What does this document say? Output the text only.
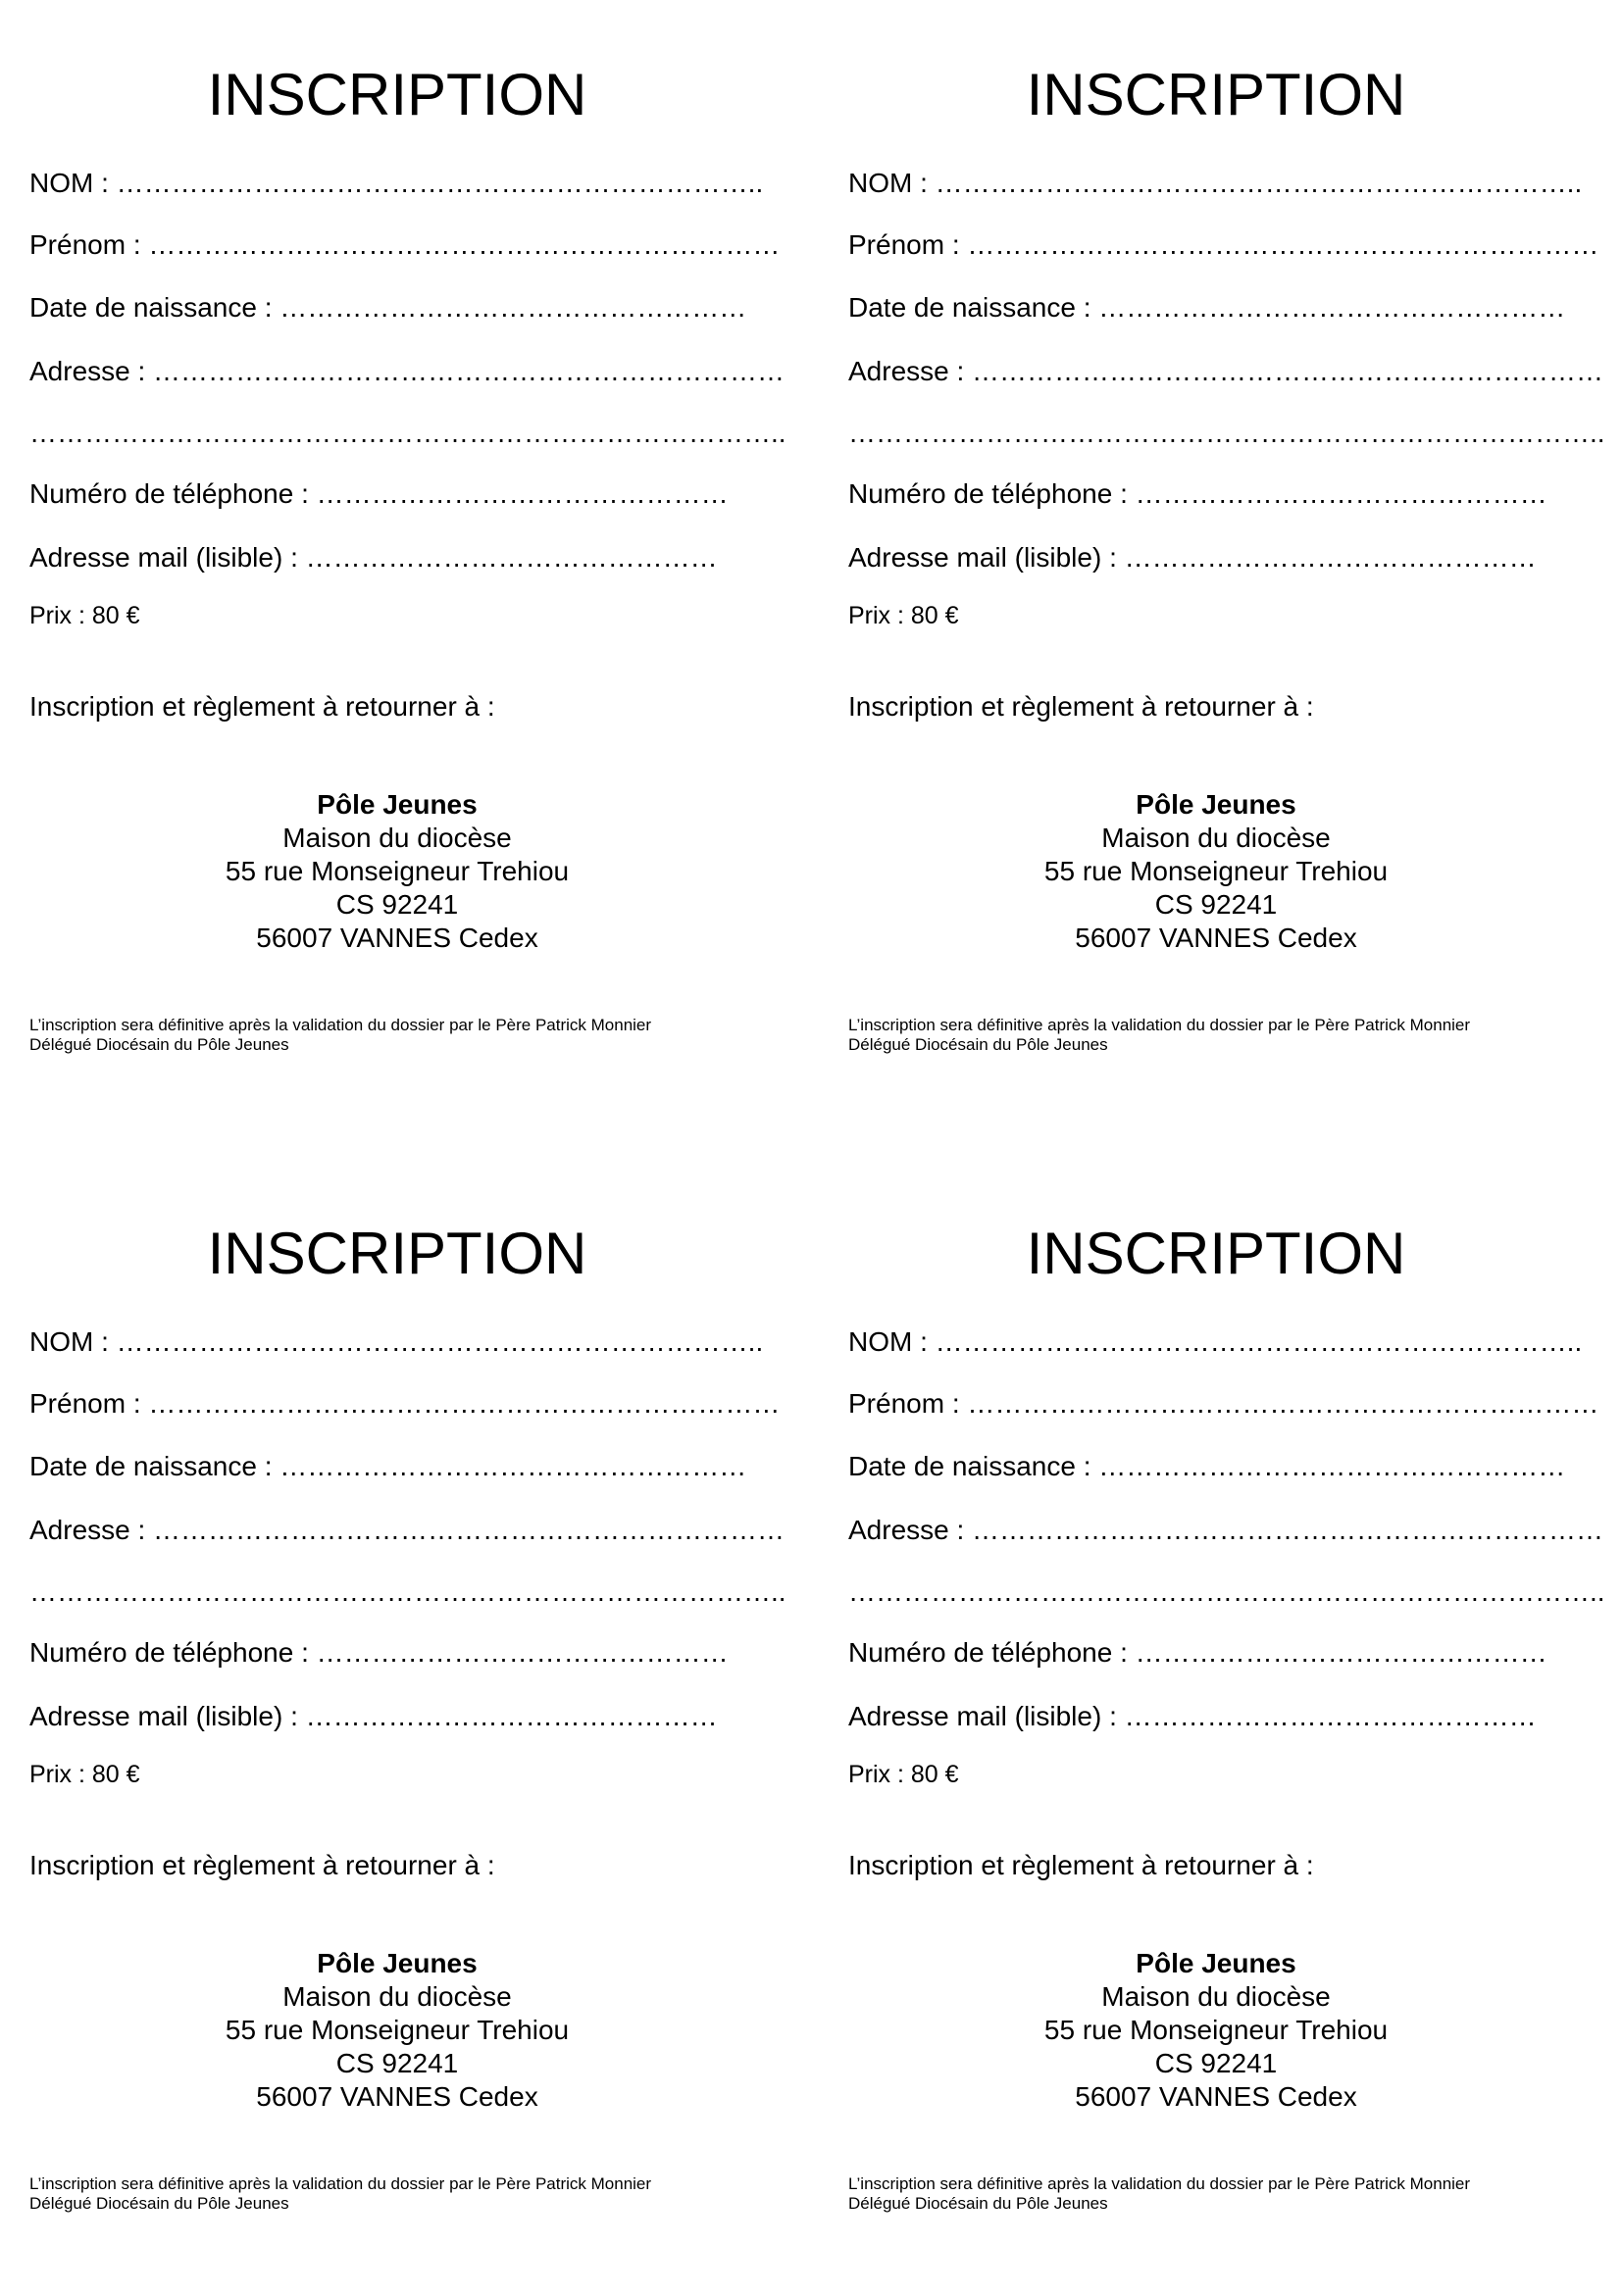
INSCRIPTION
NOM : ……………………………………………………………..
Prénom : ……………………………………………………………
Date de naissance : ……………………………………………
Adresse : ……………………………………………………………
………………………………………………………………………..
Numéro de téléphone : ………………………………………
Adresse mail (lisible) : ………………………………………
Prix : 80 €
Inscription et règlement à retourner à :
Pôle Jeunes
Maison du diocèse
55 rue Monseigneur Trehiou
CS 92241
56007 VANNES Cedex
L’inscription sera définitive après la validation du dossier par le Père Patrick Monnier
Délégué Diocésain du Pôle Jeunes
INSCRIPTION
NOM : ……………………………………………………………..
Prénom : ……………………………………………………………
Date de naissance : ……………………………………………
Adresse : ……………………………………………………………
………………………………………………………………………..
Numéro de téléphone : ………………………………………
Adresse mail (lisible) : ………………………………………
Prix : 80 €
Inscription et règlement à retourner à :
Pôle Jeunes
Maison du diocèse
55 rue Monseigneur Trehiou
CS 92241
56007 VANNES Cedex
L’inscription sera définitive après la validation du dossier par le Père Patrick Monnier
Délégué Diocésain du Pôle Jeunes
INSCRIPTION
NOM : ……………………………………………………………..
Prénom : ……………………………………………………………
Date de naissance : ……………………………………………
Adresse : ……………………………………………………………
………………………………………………………………………..
Numéro de téléphone : ………………………………………
Adresse mail (lisible) : ………………………………………
Prix : 80 €
Inscription et règlement à retourner à :
Pôle Jeunes
Maison du diocèse
55 rue Monseigneur Trehiou
CS 92241
56007 VANNES Cedex
L’inscription sera définitive après la validation du dossier par le Père Patrick Monnier
Délégué Diocésain du Pôle Jeunes
INSCRIPTION
NOM : ……………………………………………………………..
Prénom : ……………………………………………………………
Date de naissance : ……………………………………………
Adresse : ……………………………………………………………
………………………………………………………………………..
Numéro de téléphone : ………………………………………
Adresse mail (lisible) : ………………………………………
Prix : 80 €
Inscription et règlement à retourner à :
Pôle Jeunes
Maison du diocèse
55 rue Monseigneur Trehiou
CS 92241
56007 VANNES Cedex
L’inscription sera définitive après la validation du dossier par le Père Patrick Monnier
Délégué Diocésain du Pôle Jeunes
